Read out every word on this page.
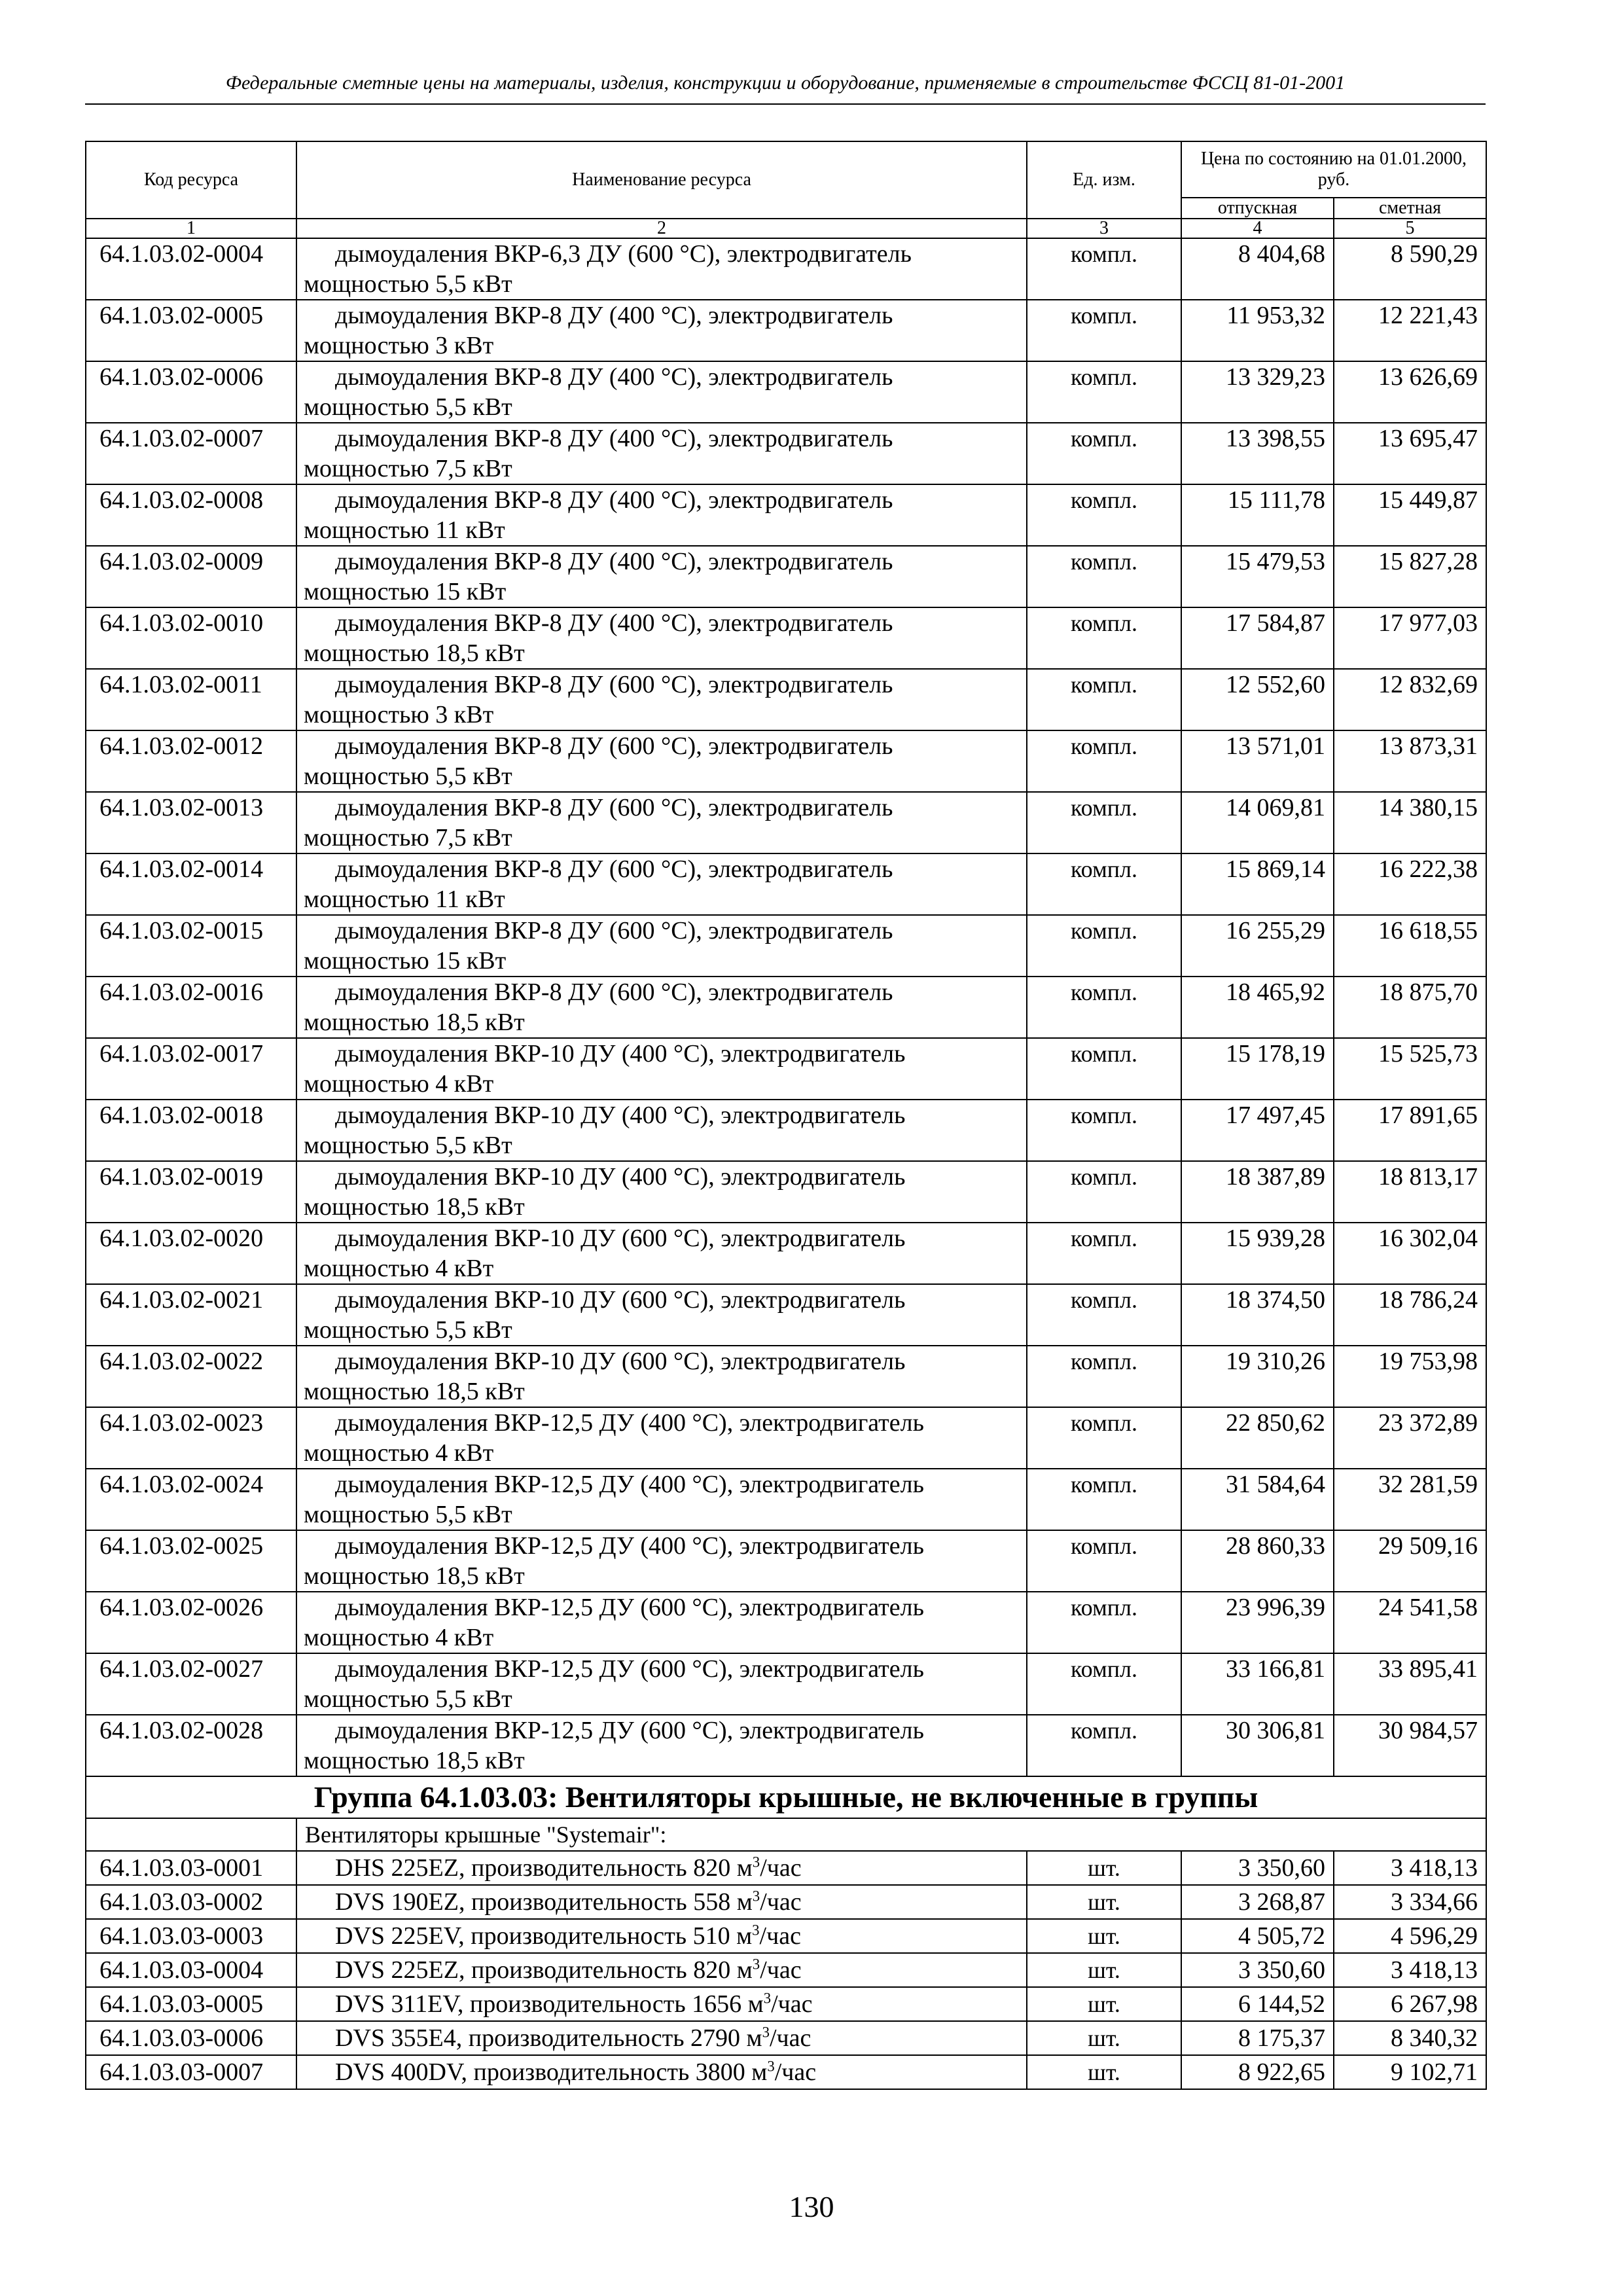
Федеральные сметные цены на материалы, изделия, конструкции и оборудование, применяемые в строительстве ФССЦ 81-01-2001
Код ресурса	Наименование ресурса	Ед. изм.	Цена по состоянию на 01.01.2000, руб.	
			отпускная	сметная
1	2	3	4	5
64.1.03.02-0004	дымоудаления ВКР-6,3 ДУ (600 °С), электродвигатель
мощностью 5,5 кВт	компл.	8 404,68	8 590,29
64.1.03.02-0005	дымоудаления ВКР-8 ДУ (400 °С), электродвигатель
мощностью 3 кВт	компл.	11 953,32	12 221,43
64.1.03.02-0006	дымоудаления ВКР-8 ДУ (400 °С), электродвигатель
мощностью 5,5 кВт	компл.	13 329,23	13 626,69
64.1.03.02-0007	дымоудаления ВКР-8 ДУ (400 °С), электродвигатель
мощностью 7,5 кВт	компл.	13 398,55	13 695,47
64.1.03.02-0008	дымоудаления ВКР-8 ДУ (400 °С), электродвигатель
мощностью 11 кВт	компл.	15 111,78	15 449,87
64.1.03.02-0009	дымоудаления ВКР-8 ДУ (400 °С), электродвигатель
мощностью 15 кВт	компл.	15 479,53	15 827,28
64.1.03.02-0010	дымоудаления ВКР-8 ДУ (400 °С), электродвигатель
мощностью 18,5 кВт	компл.	17 584,87	17 977,03
64.1.03.02-0011	дымоудаления ВКР-8 ДУ (600 °С), электродвигатель
мощностью 3 кВт	компл.	12 552,60	12 832,69
64.1.03.02-0012	дымоудаления ВКР-8 ДУ (600 °С), электродвигатель
мощностью 5,5 кВт	компл.	13 571,01	13 873,31
64.1.03.02-0013	дымоудаления ВКР-8 ДУ (600 °С), электродвигатель
мощностью 7,5 кВт	компл.	14 069,81	14 380,15
64.1.03.02-0014	дымоудаления ВКР-8 ДУ (600 °С), электродвигатель
мощностью 11 кВт	компл.	15 869,14	16 222,38
64.1.03.02-0015	дымоудаления ВКР-8 ДУ (600 °С), электродвигатель
мощностью 15 кВт	компл.	16 255,29	16 618,55
64.1.03.02-0016	дымоудаления ВКР-8 ДУ (600 °С), электродвигатель
мощностью 18,5 кВт	компл.	18 465,92	18 875,70
64.1.03.02-0017	дымоудаления ВКР-10 ДУ (400 °С), электродвигатель
мощностью 4 кВт	компл.	15 178,19	15 525,73
64.1.03.02-0018	дымоудаления ВКР-10 ДУ (400 °С), электродвигатель
мощностью 5,5 кВт	компл.	17 497,45	17 891,65
64.1.03.02-0019	дымоудаления ВКР-10 ДУ (400 °С), электродвигатель
мощностью 18,5 кВт	компл.	18 387,89	18 813,17
64.1.03.02-0020	дымоудаления ВКР-10 ДУ (600 °С), электродвигатель
мощностью 4 кВт	компл.	15 939,28	16 302,04
64.1.03.02-0021	дымоудаления ВКР-10 ДУ (600 °С), электродвигатель
мощностью 5,5 кВт	компл.	18 374,50	18 786,24
64.1.03.02-0022	дымоудаления ВКР-10 ДУ (600 °С), электродвигатель
мощностью 18,5 кВт	компл.	19 310,26	19 753,98
64.1.03.02-0023	дымоудаления ВКР-12,5 ДУ (400 °С), электродвигатель
мощностью 4 кВт	компл.	22 850,62	23 372,89
64.1.03.02-0024	дымоудаления ВКР-12,5 ДУ (400 °С), электродвигатель
мощностью 5,5 кВт	компл.	31 584,64	32 281,59
64.1.03.02-0025	дымоудаления ВКР-12,5 ДУ (400 °С), электродвигатель
мощностью 18,5 кВт	компл.	28 860,33	29 509,16
64.1.03.02-0026	дымоудаления ВКР-12,5 ДУ (600 °С), электродвигатель
мощностью 4 кВт	компл.	23 996,39	24 541,58
64.1.03.02-0027	дымоудаления ВКР-12,5 ДУ (600 °С), электродвигатель
мощностью 5,5 кВт	компл.	33 166,81	33 895,41
64.1.03.02-0028	дымоудаления ВКР-12,5 ДУ (600 °С), электродвигатель
мощностью 18,5 кВт	компл.	30 306,81	30 984,57
Группа 64.1.03.03: Вентиляторы крышные, не включенные в группы				
	Вентиляторы крышные "Systemair":			
64.1.03.03-0001	DHS 225EZ, производительность 820 $м^3$/час	шт.	3 350,60	3 418,13
64.1.03.03-0002	DVS 190EZ, производительность 558 $м^3$/час	шт.	3 268,87	3 334,66
64.1.03.03-0003	DVS 225EV, производительность 510 $м^3$/час	шт.	4 505,72	4 596,29
64.1.03.03-0004	DVS 225EZ, производительность 820 $м^3$/час	шт.	3 350,60	3 418,13
64.1.03.03-0005	DVS 311EV, производительность 1656 $м^3$/час	шт.	6 144,52	6 267,98
64.1.03.03-0006	DVS 355E4, производительность 2790 $м^3$/час	шт.	8 175,37	8 340,32
64.1.03.03-0007	DVS 400DV, производительность 3800 $м^3$/час	шт.	8 922,65	9 102,71
130
